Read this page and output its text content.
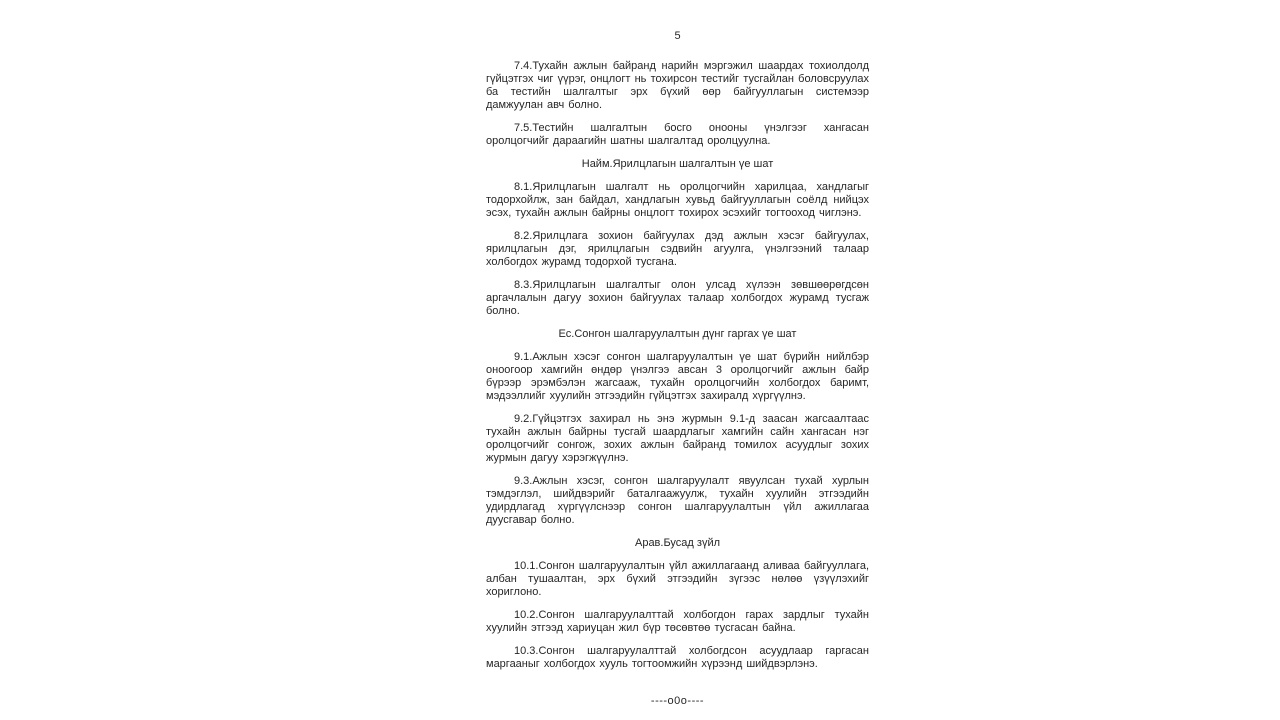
5

7.4.Тухайн ажлын байранд нарийн мэргэжил шаардах тохиолдолд гүйцэтгэх чиг үүрэг, онцлогт нь тохирсон тестийг тусгайлан боловсруулах ба тестийн шалгалтыг эрх бүхий өөр байгууллагын системээр дамжуулан авч болно.

7.5.Тестийн шалгалтын босго онооны үнэлгээг хангасан оролцогчийг дараагийн шатны шалгалтад оролцуулна.

Найм.Ярилцлагын шалгалтын үе шат

8.1.Ярилцлагын шалгалт нь оролцогчийн харилцаа, хандлагыг тодорхойлж, зан байдал, хандлагын хувьд байгууллагын соёлд нийцэх эсэх, тухайн ажлын байрны онцлогт тохирох эсэхийг тогтооход чиглэнэ.

8.2.Ярилцлага зохион байгуулах дэд ажлын хэсэг байгуулах, ярилцлагын дэг, ярилцлагын сэдвийн агуулга, үнэлгээний талаар холбогдох журамд тодорхой тусгана.

8.3.Ярилцлагын шалгалтыг олон улсад хүлээн зөвшөөрөгдсөн аргачлалын дагуу зохион байгуулах талаар холбогдох журамд тусгаж болно.

Ес.Сонгон шалгаруулалтын дүнг гаргах үе шат

9.1.Ажлын хэсэг сонгон шалгаруулалтын үе шат бүрийн нийлбэр оноогоор хамгийн өндөр үнэлгээ авсан 3 оролцогчийг ажлын байр бүрээр эрэмбэлэн жагсааж, тухайн оролцогчийн холбогдох баримт, мэдээллийг хуулийн этгээдийн гүйцэтгэх захиралд хүргүүлнэ.

9.2.Гүйцэтгэх захирал нь энэ журмын 9.1-д заасан жагсаалтаас тухайн ажлын байрны тусгай шаардлагыг хамгийн сайн хангасан нэг оролцогчийг сонгож, зохих ажлын байранд томилох асуудлыг зохих журмын дагуу хэрэгжүүлнэ.

9.3.Ажлын хэсэг, сонгон шалгаруулалт явуулсан тухай хурлын тэмдэглэл, шийдвэрийг баталгаажуулж, тухайн хуулийн этгээдийн удирдлагад хүргүүлснээр сонгон шалгаруулалтын үйл ажиллагаа дуусгавар болно.

Арав.Бусад зүйл

10.1.Сонгон шалгаруулалтын үйл ажиллагаанд аливаа байгууллага, албан тушаалтан, эрх бүхий этгээдийн зүгээс нөлөө үзүүлэхийг хориглоно.

10.2.Сонгон шалгаруулалттай холбогдон гарах зардлыг тухайн хуулийн этгээд хариуцан жил бүр төсөвтөө тусгасан байна.

10.3.Сонгон шалгаруулалттай холбогдсон асуудлаар гаргасан маргааныг холбогдох хууль тогтоомжийн хүрээнд шийдвэрлэнэ.

----о0о----
